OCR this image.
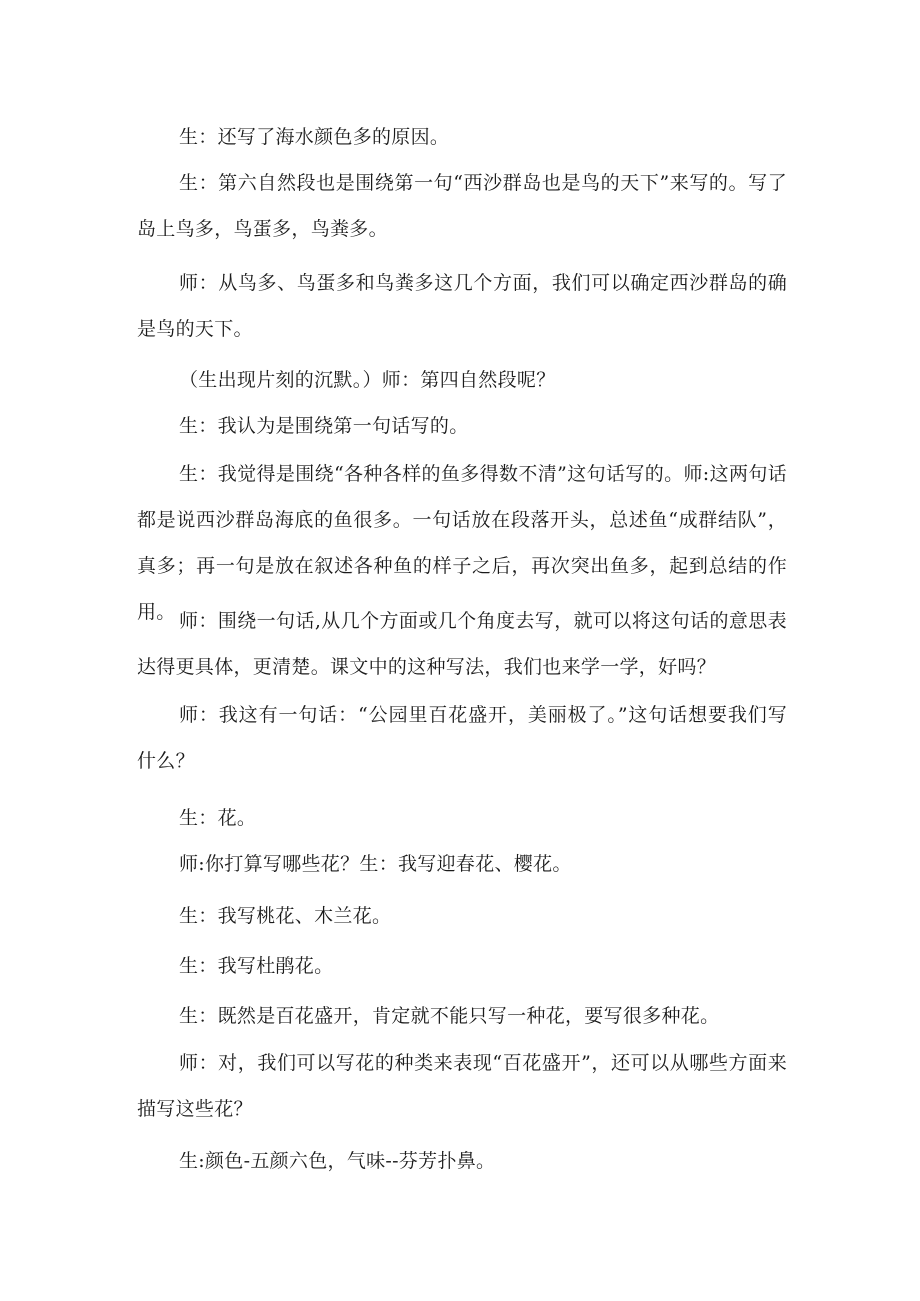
生：还写了海水颜色多的原因。

生：第六自然段也是围绕第一句“西沙群岛也是鸟的天下”来写的。写了岛上鸟多，鸟蛋多，鸟粪多。

师：从鸟多、鸟蛋多和鸟粪多这几个方面，我们可以确定西沙群岛的确是鸟的天下。

（生出现片刻的沉默。）师：第四自然段呢？

生：我认为是围绕第一句话写的。

生：我觉得是围绕“各种各样的鱼多得数不清”这句话写的。师:这两句话都是说西沙群岛海底的鱼很多。一句话放在段落开头，总述鱼“成群结队”，真多；再一句是放在叙述各种鱼的样子之后，再次突出鱼多，起到总结的作用。 师：围绕一句话,从几个方面或几个角度去写，就可以将这句话的意思表达得更具体，更清楚。课文中的这种写法，我们也来学一学，好吗？

师：我这有一句话：“公园里百花盛开，美丽极了。”这句话想要我们写什么？

生：花。

师:你打算写哪些花？生：我写迎春花、樱花。

生：我写桃花、木兰花。

生：我写杜鹃花。

生：既然是百花盛开，肯定就不能只写一种花，要写很多种花。

师：对，我们可以写花的种类来表现“百花盛开”，还可以从哪些方面来描写这些花？

生:颜色-五颜六色，气味--芬芳扑鼻。
